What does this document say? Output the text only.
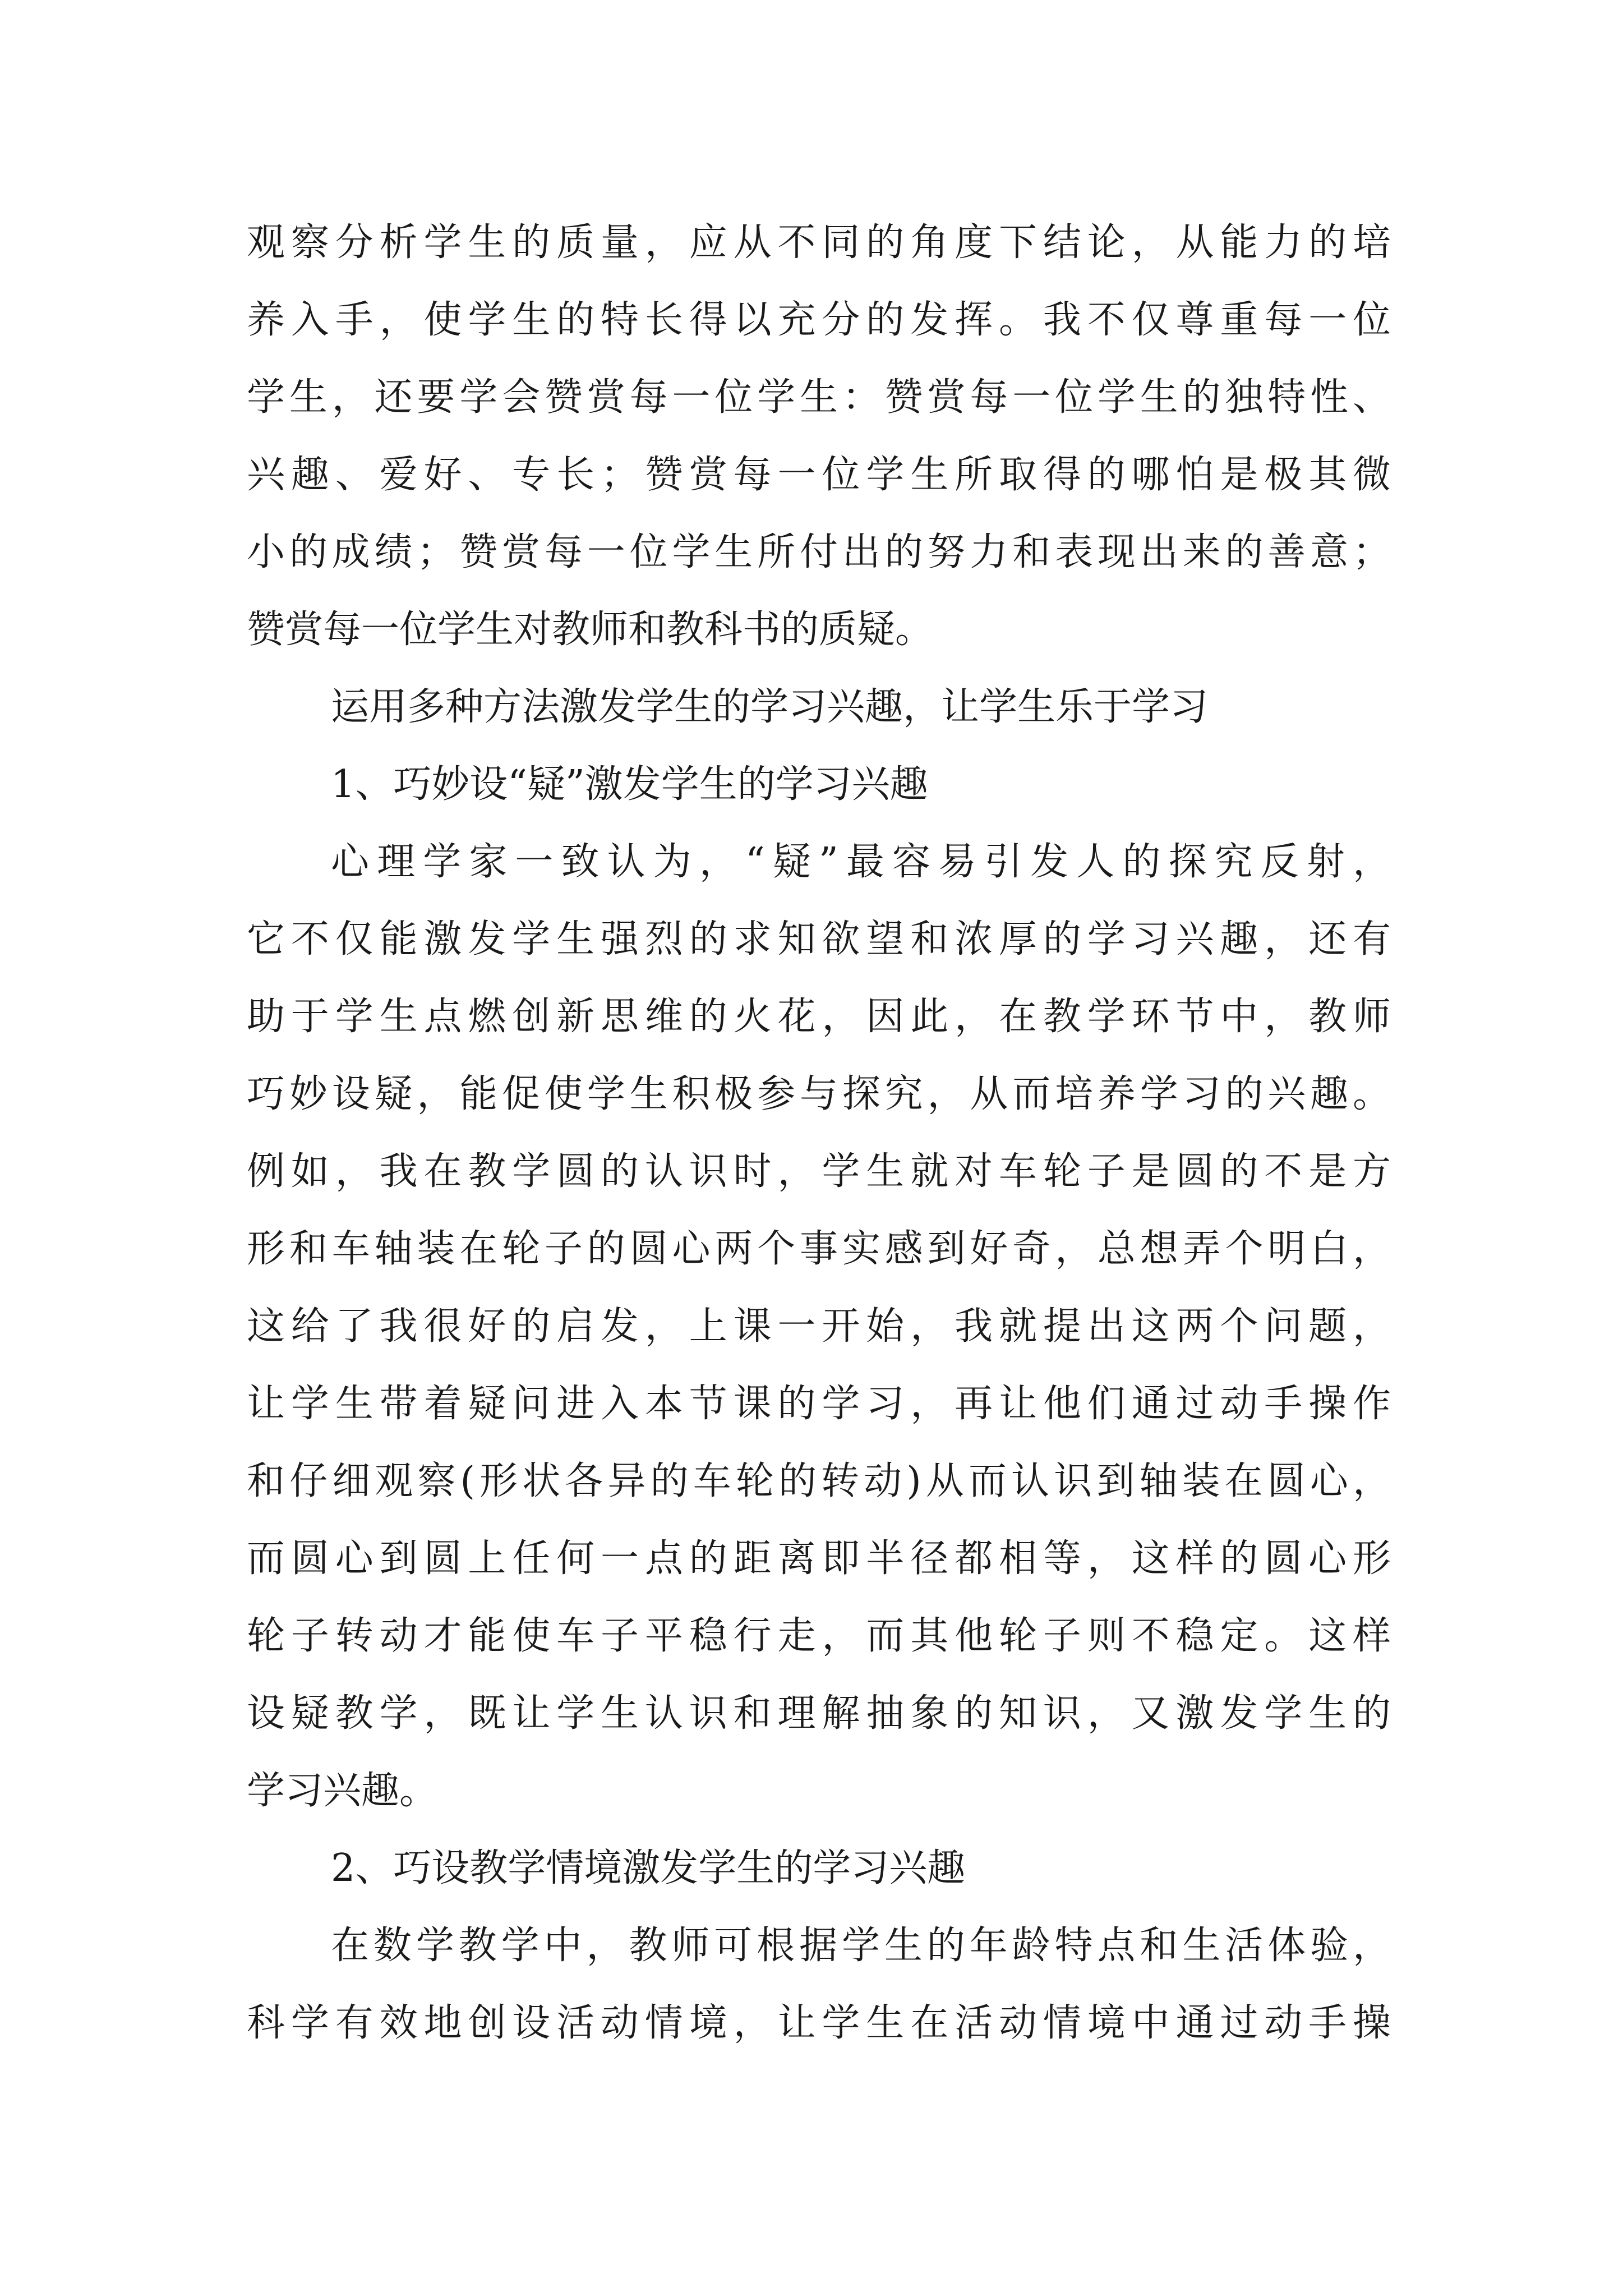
观察分析学生的质量，应从不同的角度下结论，从能力的培
养入手，使学生的特长得以充分的发挥。我不仅尊重每一位
学生，还要学会赞赏每一位学生：赞赏每一位学生的独特性、
兴趣、爱好、专长；赞赏每一位学生所取得的哪怕是极其微
小的成绩；赞赏每一位学生所付出的努力和表现出来的善意；
赞赏每一位学生对教师和教科书的质疑。
运用多种方法激发学生的学习兴趣，让学生乐于学习
1、巧妙设“疑”激发学生的学习兴趣
心理学家一致认为，“疑”最容易引发人的探究反射，
它不仅能激发学生强烈的求知欲望和浓厚的学习兴趣，还有
助于学生点燃创新思维的火花，因此，在教学环节中，教师
巧妙设疑，能促使学生积极参与探究，从而培养学习的兴趣。
例如，我在教学圆的认识时，学生就对车轮子是圆的不是方
形和车轴装在轮子的圆心两个事实感到好奇，总想弄个明白，
这给了我很好的启发，上课一开始，我就提出这两个问题，
让学生带着疑问进入本节课的学习，再让他们通过动手操作
和仔细观察(形状各异的车轮的转动)从而认识到轴装在圆心，
而圆心到圆上任何一点的距离即半径都相等，这样的圆心形
轮子转动才能使车子平稳行走，而其他轮子则不稳定。这样
设疑教学，既让学生认识和理解抽象的知识，又激发学生的
学习兴趣。
2、巧设教学情境激发学生的学习兴趣
在数学教学中，教师可根据学生的年龄特点和生活体验，
科学有效地创设活动情境，让学生在活动情境中通过动手操
